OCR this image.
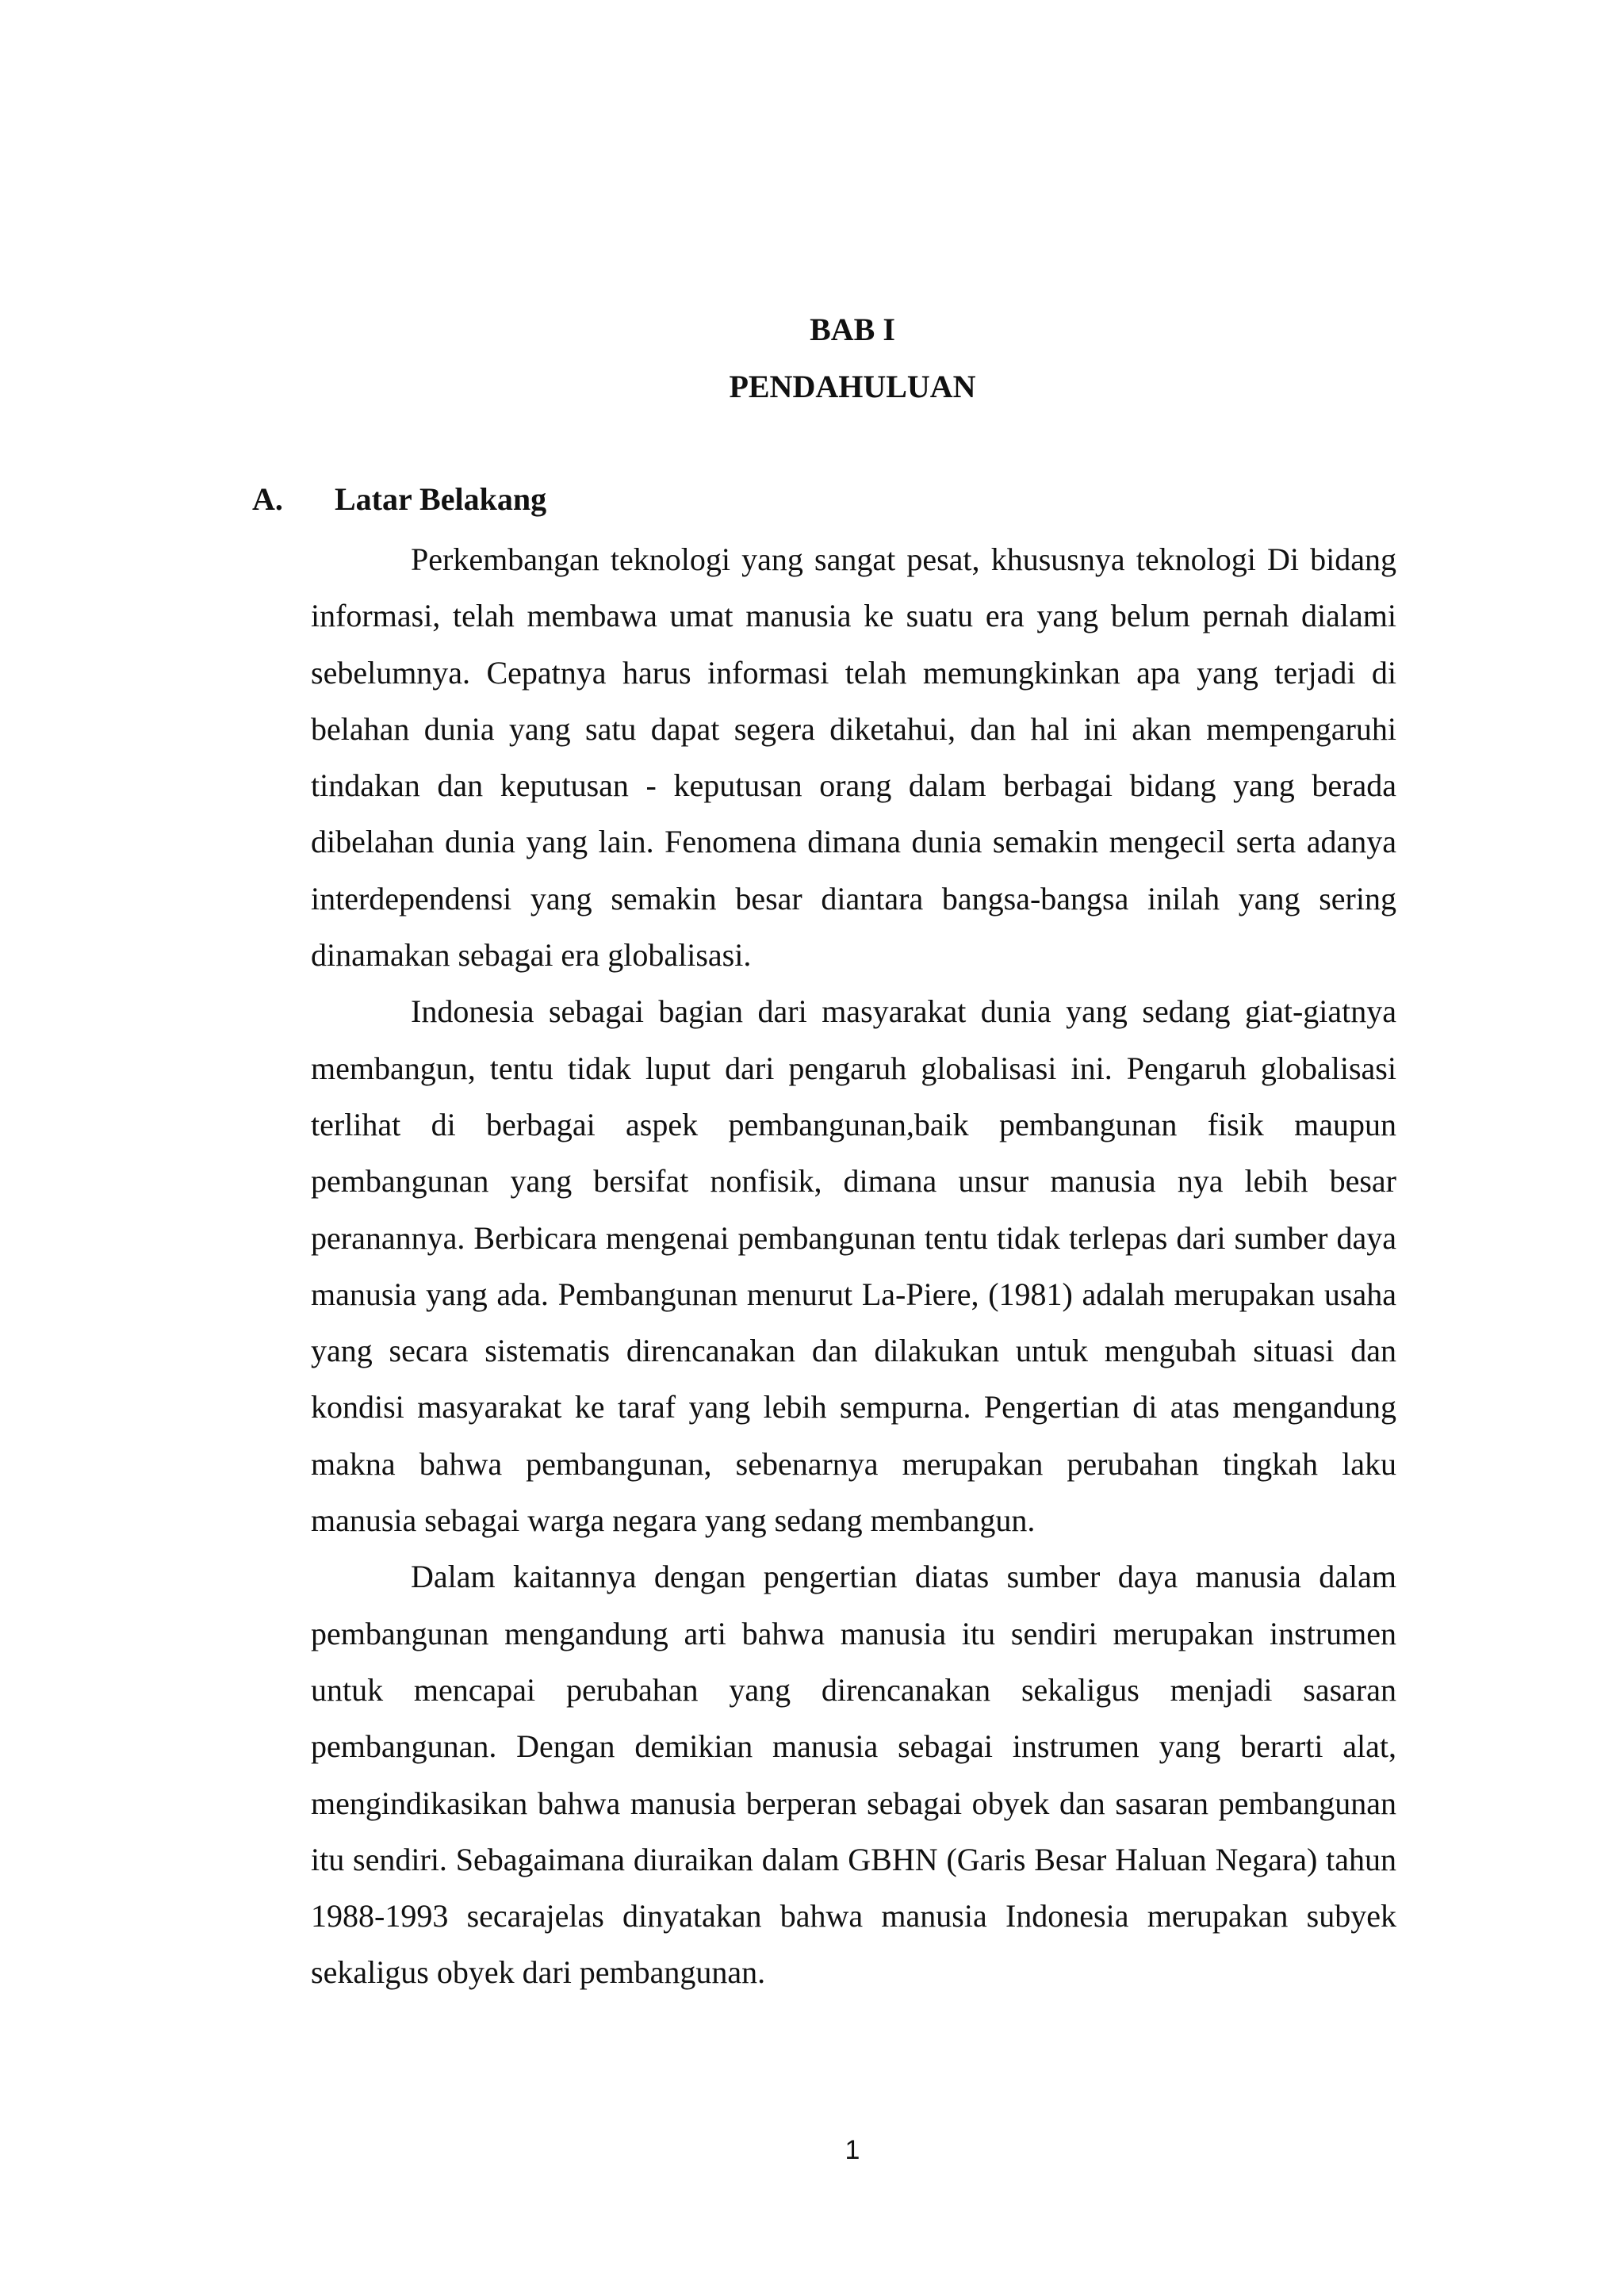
BAB I
PENDAHULUAN
A. Latar Belakang

Perkembangan teknologi yang sangat pesat, khususnya teknologi Di bidang informasi, telah membawa umat manusia ke suatu era yang belum pernah dialami sebelumnya. Cepatnya harus informasi telah memungkinkan apa yang terjadi di belahan dunia yang satu dapat segera diketahui, dan hal ini akan mempengaruhi tindakan dan keputusan - keputusan orang dalam berbagai bidang yang berada dibelahan dunia yang lain. Fenomena dimana dunia semakin mengecil serta adanya interdependensi yang semakin besar diantara bangsa-bangsa inilah yang sering dinamakan sebagai era globalisasi.

Indonesia sebagai bagian dari masyarakat dunia yang sedang giat-giatnya membangun, tentu tidak luput dari pengaruh globalisasi ini. Pengaruh globalisasi terlihat di berbagai aspek pembangunan,baik pembangunan fisik maupun pembangunan yang bersifat nonfisik, dimana unsur manusia nya lebih besar peranannya. Berbicara mengenai pembangunan tentu tidak terlepas dari sumber daya manusia yang ada. Pembangunan menurut La-Piere, (1981) adalah merupakan usaha yang secara sistematis direncanakan dan dilakukan untuk mengubah situasi dan kondisi masyarakat ke taraf yang lebih sempurna. Pengertian di atas mengandung makna bahwa pembangunan, sebenarnya merupakan perubahan tingkah laku manusia sebagai warga negara yang sedang membangun.

Dalam kaitannya dengan pengertian diatas sumber daya manusia dalam pembangunan mengandung arti bahwa manusia itu sendiri merupakan instrumen untuk mencapai perubahan yang direncanakan sekaligus menjadi sasaran pembangunan. Dengan demikian manusia sebagai instrumen yang berarti alat, mengindikasikan bahwa manusia berperan sebagai obyek dan sasaran pembangunan itu sendiri. Sebagaimana diuraikan dalam GBHN (Garis Besar Haluan Negara) tahun 1988-1993 secarajelas dinyatakan bahwa manusia Indonesia merupakan subyek sekaligus obyek dari pembangunan.

1
